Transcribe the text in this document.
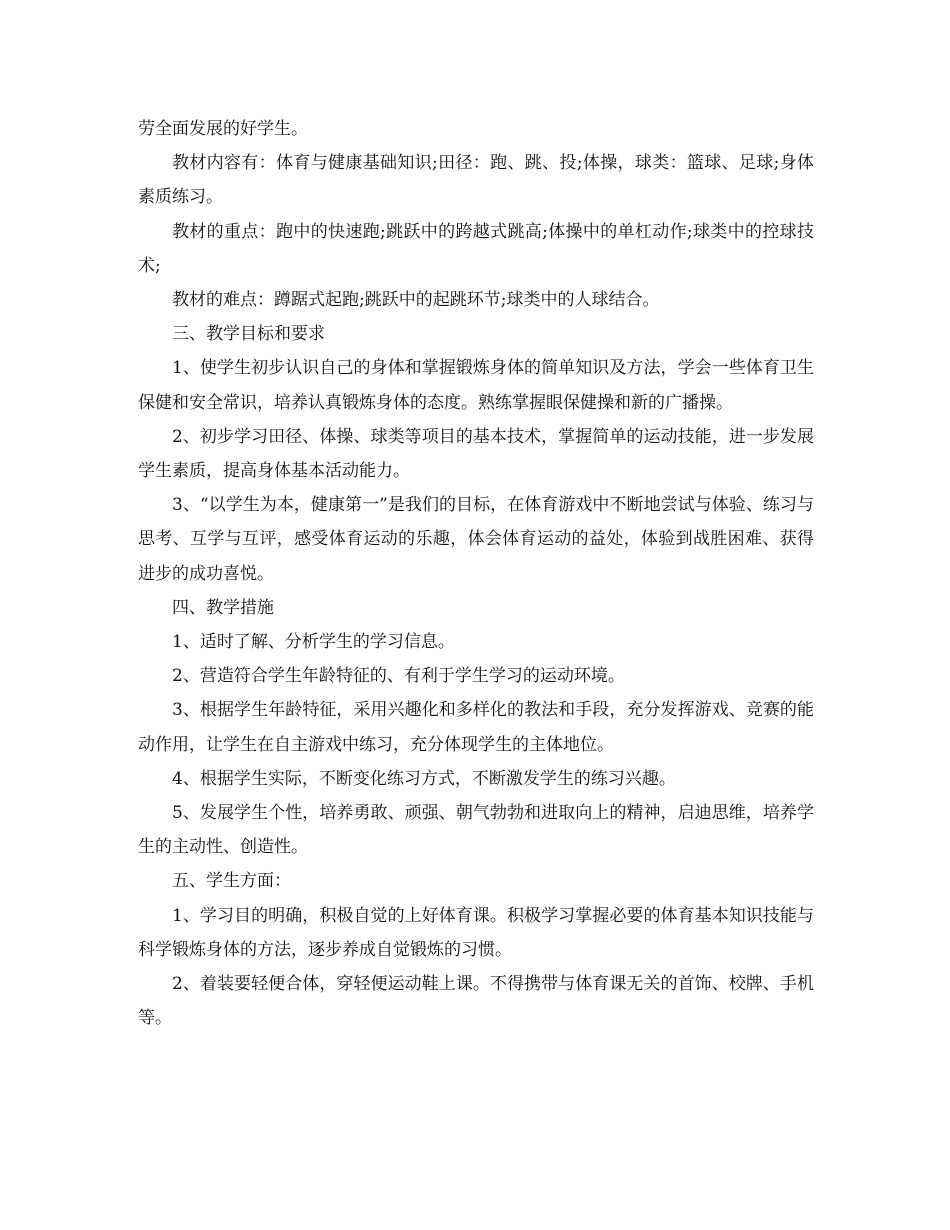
劳全面发展的好学生。

教材内容有：体育与健康基础知识;田径：跑、跳、投;体操，球类：篮球、足球;身体素质练习。

教材的重点：跑中的快速跑;跳跃中的跨越式跳高;体操中的单杠动作;球类中的控球技术;

教材的难点：蹲踞式起跑;跳跃中的起跳环节;球类中的人球结合。

三、教学目标和要求

1、使学生初步认识自己的身体和掌握锻炼身体的简单知识及方法，学会一些体育卫生保健和安全常识，培养认真锻炼身体的态度。熟练掌握眼保健操和新的广播操。

2、初步学习田径、体操、球类等项目的基本技术，掌握简单的运动技能，进一步发展学生素质，提高身体基本活动能力。

3、“以学生为本，健康第一”是我们的目标，在体育游戏中不断地尝试与体验、练习与思考、互学与互评，感受体育运动的乐趣，体会体育运动的益处，体验到战胜困难、获得进步的成功喜悦。

四、教学措施

1、适时了解、分析学生的学习信息。

2、营造符合学生年龄特征的、有利于学生学习的运动环境。

3、根据学生年龄特征，采用兴趣化和多样化的教法和手段，充分发挥游戏、竞赛的能动作用，让学生在自主游戏中练习，充分体现学生的主体地位。

4、根据学生实际，不断变化练习方式，不断激发学生的练习兴趣。

5、发展学生个性，培养勇敢、顽强、朝气勃勃和进取向上的精神，启迪思维，培养学生的主动性、创造性。

五、学生方面：

1、学习目的明确，积极自觉的上好体育课。积极学习掌握必要的体育基本知识技能与科学锻炼身体的方法，逐步养成自觉锻炼的习惯。

2、着装要轻便合体，穿轻便运动鞋上课。不得携带与体育课无关的首饰、校牌、手机等。
